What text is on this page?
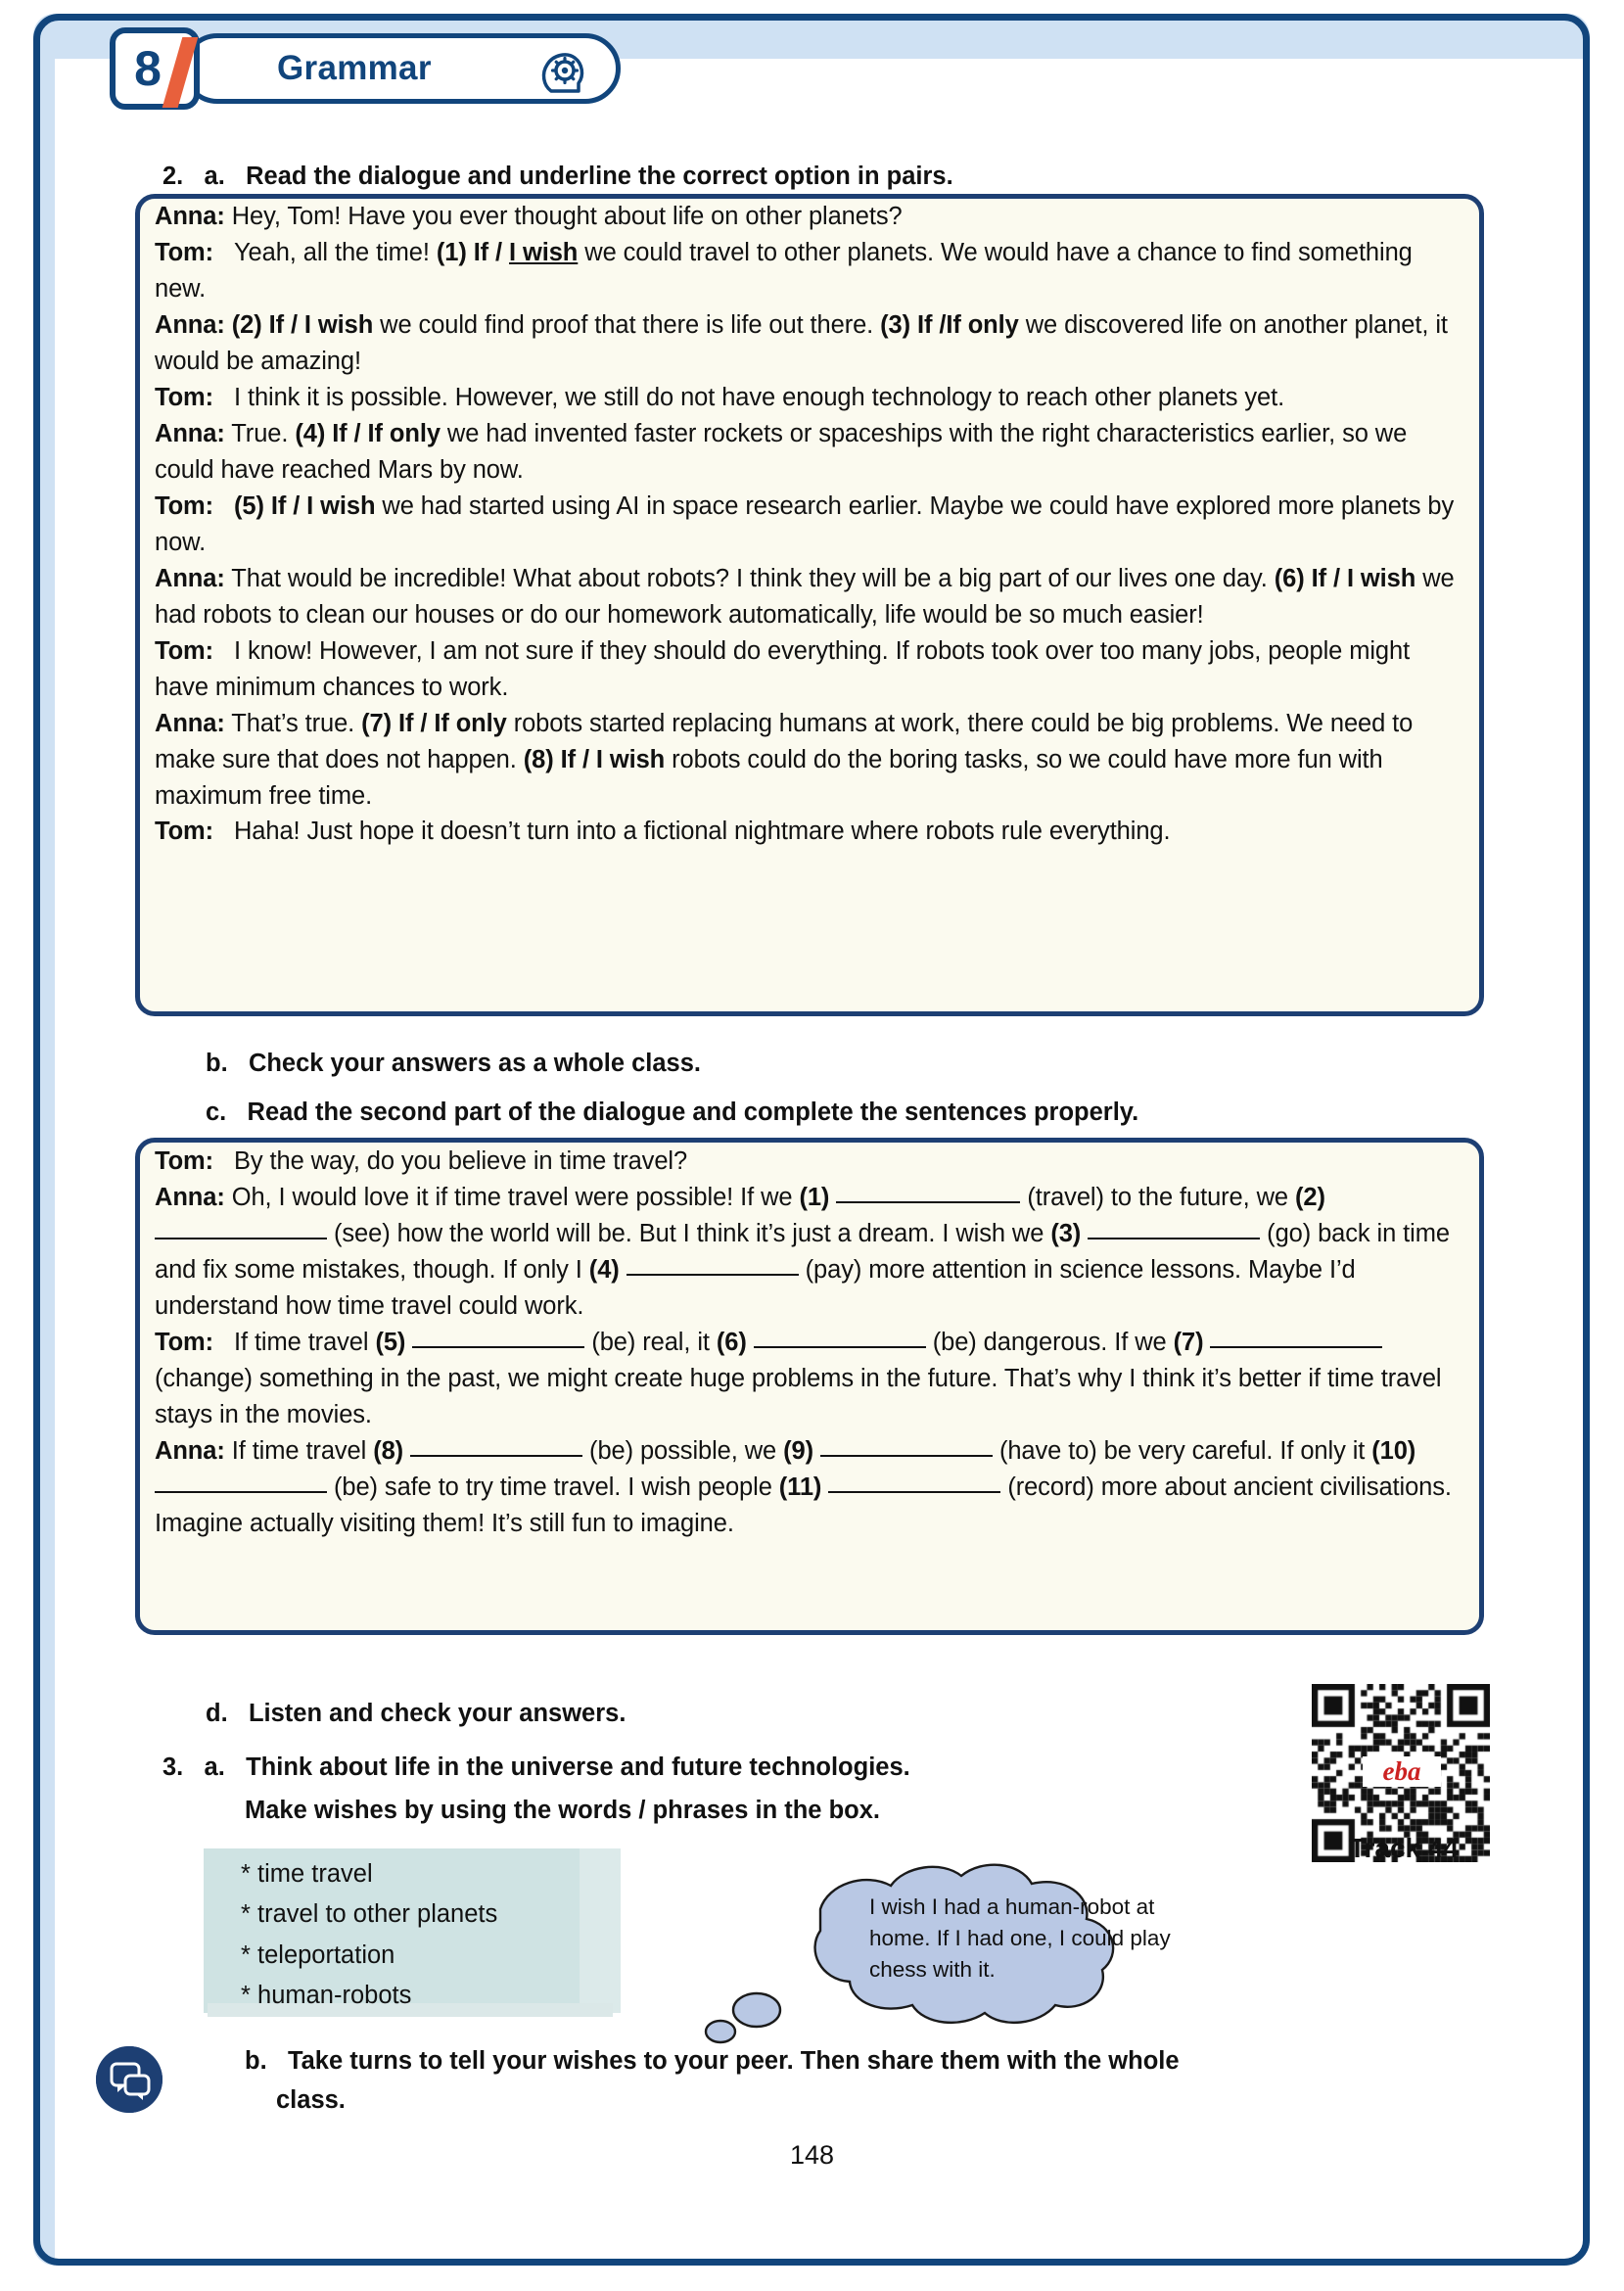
Grammar
8
2. a. Read the dialogue and underline the correct option in pairs.

Anna: Hey, Tom! Have you ever thought about life on other planets?

Tom:   Yeah, all the time! (1) If / I wish we could travel to other planets. We would have a chance to find something new.

Anna: (2) If / I wish we could find proof that there is life out there. (3) If /If only we discovered life on another planet, it would be amazing!

Tom:   I think it is possible. However, we still do not have enough technology to reach other planets yet.

Anna: True. (4) If / If only we had invented faster rockets or spaceships with the right characteristics earlier, so we could have reached Mars by now.

Tom: (5) If / I wish we had started using AI in space research earlier. Maybe we could have explored more planets by now.

Anna: That would be incredible! What about robots? I think they will be a big part of our lives one day. (6) If / I wish we had robots to clean our houses or do our homework automatically, life would be so much easier!

Tom:   I know! However, I am not sure if they should do everything. If robots took over too many jobs, people might have minimum chances to work.

Anna: That’s true. (7) If / If only robots started replacing humans at work, there could be big problems. We need to make sure that does not happen. (8) If / I wish robots could do the boring tasks, so we could have more fun with maximum free time.

Tom:   Haha! Just hope it doesn’t turn into a fictional nightmare where robots rule everything.

b. Check your answers as a whole class.
c. Read the second part of the dialogue and complete the sentences properly.

Tom:   By the way, do you believe in time travel?

Anna: Oh, I would love it if time travel were possible! If we (1)	(travel) to the future, we (2)  (see) how the world will be. But I think it’s just a dream. I wish we (3)	(go) back in time and fix some mistakes, though. If only I (4)	(pay) more attention in science lessons. Maybe I’d understand how time travel could work.

Tom:   If time travel (5)	(be) real, it (6)	(be) dangerous. If we (7)  (change) something in the past, we might create huge problems in the future. That’s why I think it’s better if time travel stays in the movies.

Anna: If time travel (8)	(be) possible, we (9)	(have to) be very careful. If only it (10)  (be) safe to try time travel. I wish people (11)	(record) more about ancient civilisations. Imagine actually visiting them! It’s still fun to imagine.

d. Listen and check your answers.
eba
Track 44
3. a. Think about life in the universe and future technologies.
Make wishes by using the words / phrases in the box.
* time travel
* travel to other planets
* teleportation
* human-robots
I wish I had a human-robot at home. If I had one, I could play chess with it.
b. Take turns to tell your wishes to your peer. Then share them with the whole
class.
148
